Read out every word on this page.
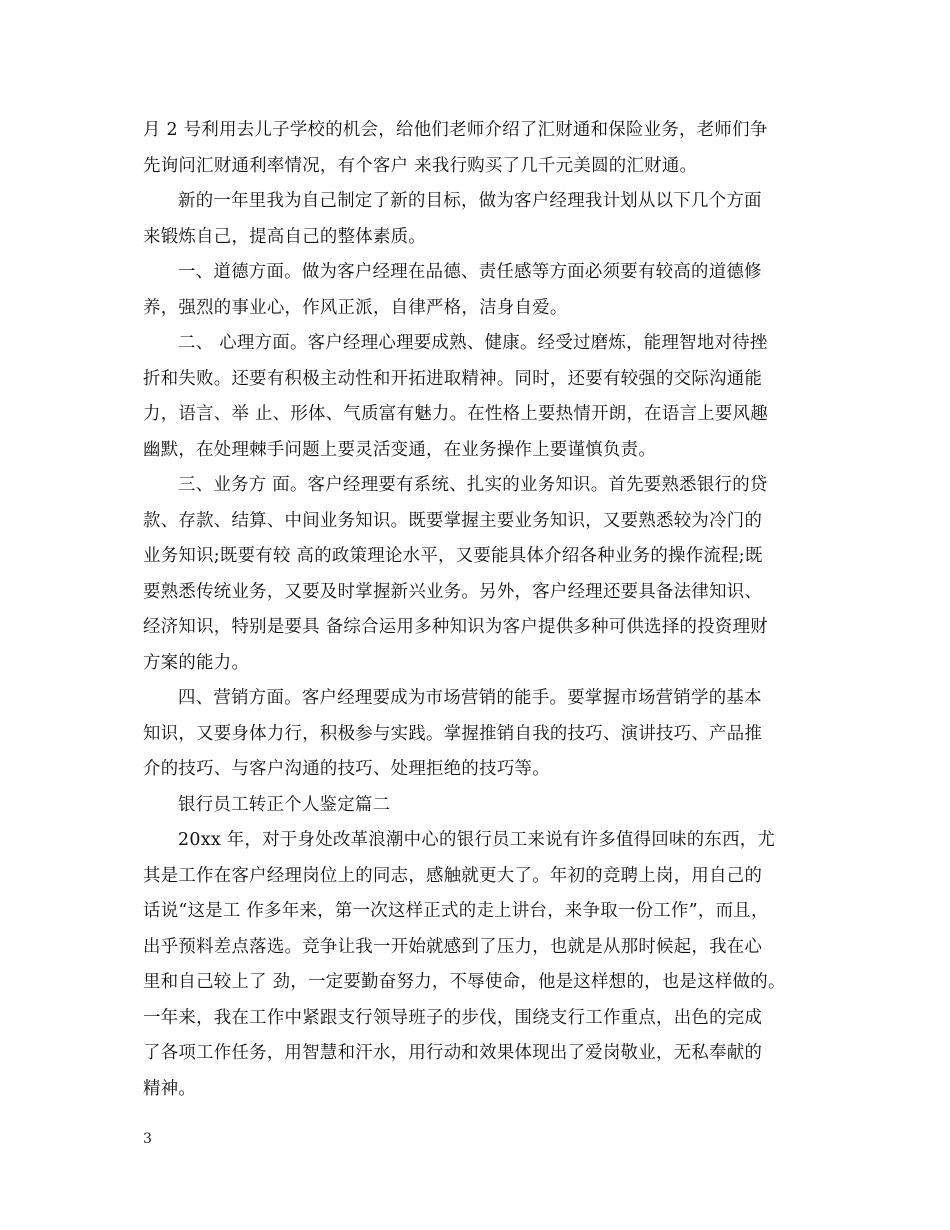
月 2 号利用去儿子学校的机会，给他们老师介绍了汇财通和保险业务，老师们争
先询问汇财通利率情况，有个客户 来我行购买了几千元美圆的汇财通。
新的一年里我为自己制定了新的目标，做为客户经理我计划从以下几个方面
来锻炼自己，提高自己的整体素质。
一、道德方面。做为客户经理在品德、责任感等方面必须要有较高的道德修
养，强烈的事业心，作风正派，自律严格，洁身自爱。
二、 心理方面。客户经理心理要成熟、健康。经受过磨炼，能理智地对待挫
折和失败。还要有积极主动性和开拓进取精神。同时，还要有较强的交际沟通能
力，语言、举 止、形体、气质富有魅力。在性格上要热情开朗，在语言上要风趣
幽默，在处理棘手问题上要灵活变通，在业务操作上要谨慎负责。
三、业务方 面。客户经理要有系统、扎实的业务知识。首先要熟悉银行的贷
款、存款、结算、中间业务知识。既要掌握主要业务知识，又要熟悉较为冷门的
业务知识;既要有较 高的政策理论水平，又要能具体介绍各种业务的操作流程;既
要熟悉传统业务，又要及时掌握新兴业务。另外，客户经理还要具备法律知识、
经济知识，特别是要具 备综合运用多种知识为客户提供多种可供选择的投资理财
方案的能力。
四、营销方面。客户经理要成为市场营销的能手。要掌握市场营销学的基本
知识，又要身体力行，积极参与实践。掌握推销自我的技巧、演讲技巧、产品推
介的技巧、与客户沟通的技巧、处理拒绝的技巧等。
银行员工转正个人鉴定篇二
20xx 年，对于身处改革浪潮中心的银行员工来说有许多值得回味的东西，尤
其是工作在客户经理岗位上的同志，感触就更大了。年初的竞聘上岗，用自己的
话说“这是工 作多年来，第一次这样正式的走上讲台，来争取一份工作”，而且，
出乎预料差点落选。竞争让我一开始就感到了压力，也就是从那时候起，我在心
里和自己较上了 劲，一定要勤奋努力，不辱使命，他是这样想的，也是这样做的。
一年来，我在工作中紧跟支行领导班子的步伐，围绕支行工作重点，出色的完成
了各项工作任务，用智慧和汗水，用行动和效果体现出了爱岗敬业，无私奉献的
精神。
3
